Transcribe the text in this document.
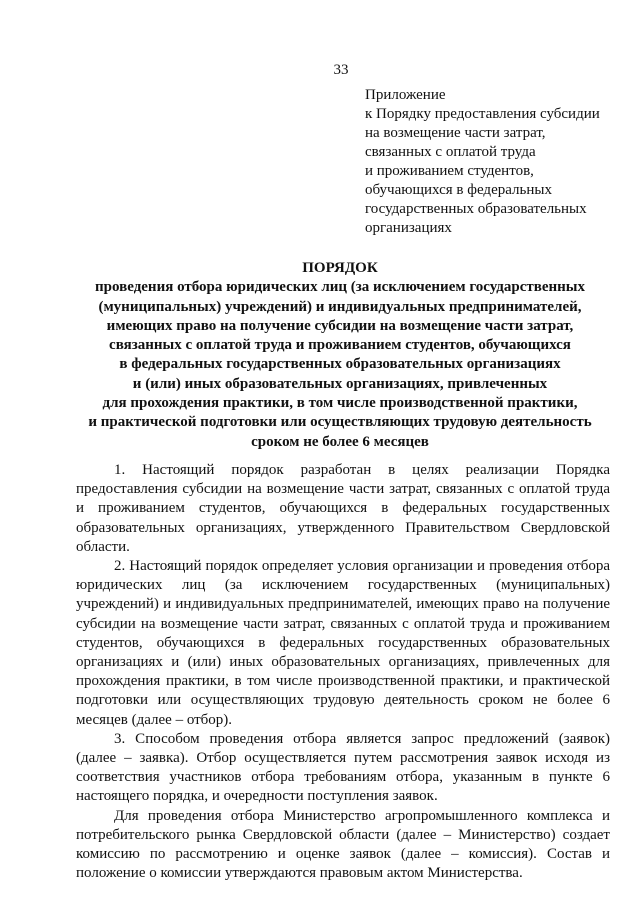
33
Приложение
к Порядку предоставления субсидии
на возмещение части затрат,
связанных с оплатой труда
и проживанием студентов,
обучающихся в федеральных
государственных образовательных
организациях
ПОРЯДОК
проведения отбора юридических лиц (за исключением государственных
(муниципальных) учреждений) и индивидуальных предпринимателей,
имеющих право на получение субсидии на возмещение части затрат,
связанных с оплатой труда и проживанием студентов, обучающихся
в федеральных государственных образовательных организациях
и (или) иных образовательных организациях, привлеченных
для прохождения практики, в том числе производственной практики,
и практической подготовки или осуществляющих трудовую деятельность
сроком не более 6 месяцев

1. Настоящий порядок разработан в целях реализации Порядка предоставления субсидии на возмещение части затрат, связанных с оплатой труда и проживанием студентов, обучающихся в федеральных государственных образовательных организациях, утвержденного Правительством Свердловской области.

2. Настоящий порядок определяет условия организации и проведения отбора юридических лиц (за исключением государственных (муниципальных) учреждений) и индивидуальных предпринимателей, имеющих право на получение субсидии на возмещение части затрат, связанных с оплатой труда и проживанием студентов, обучающихся в федеральных государственных образовательных организациях и (или) иных образовательных организациях, привлеченных для прохождения практики, в том числе производственной практики, и практической подготовки или осуществляющих трудовую деятельность сроком не более 6 месяцев (далее – отбор).

3. Способом проведения отбора является запрос предложений (заявок) (далее – заявка). Отбор осуществляется путем рассмотрения заявок исходя из соответствия участников отбора требованиям отбора, указанным в пункте 6 настоящего порядка, и очередности поступления заявок.

Для проведения отбора Министерство агропромышленного комплекса и потребительского рынка Свердловской области (далее – Министерство) создает комиссию по рассмотрению и оценке заявок (далее – комиссия). Состав и положение о комиссии утверждаются правовым актом Министерства.
